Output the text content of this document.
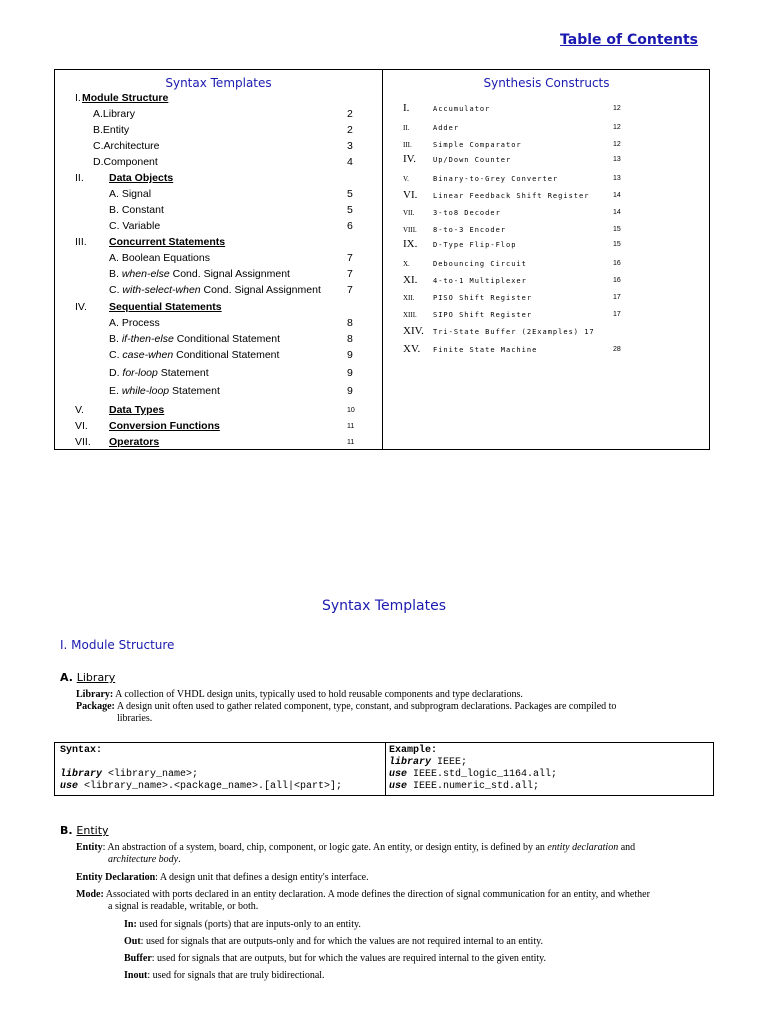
Table of Contents
Syntax Templates	Synthesis Constructs
I. Module Structure
A.Library	2
B.Entity	2
C.Architecture	3
D.Component	4
II. Data Objects
A. Signal	5
B. Constant	5
C. Variable	6
III. Concurrent Statements
A. Boolean Equations	7
B. when-else Cond. Signal Assignment	7
C. with-select-when Cond. Signal Assignment 7
IV. Sequential Statements
A. Process	8
B. if-then-else Conditional Statement	8
C. case-when Conditional Statement	9
D. for-loop Statement	9
E. while-loop Statement	9
V. Data Types	10
VI. Conversion Functions	11
VII. Operators	11
I.	Accumulator	12
II.	Adder	12
III.	Simple Comparator	12
IV. Up/Down Counter	13
V.	Binary-to-Grey Converter	13
VI. Linear Feedback Shift Register	14
VII.	3-to8 Decoder	14
VIII. 8-to-3 Encoder	15
IX. D-Type Flip-Flop	15
X.	Debouncing Circuit	16
XI. 4-to-1 Multiplexer	16
XII.	PISO Shift Register	17
XIII. SIPO Shift Register	17
XIV. Tri-State Buffer (2Examples) 17
XV. Finite State Machine	28
Syntax Templates
I. Module Structure
A. Library
Library: A collection of VHDL design units, typically used to hold reusable components and type declarations.
Package: A design unit often used to gather related component, type, constant, and subprogram declarations. Packages are compiled to
libraries.
Syntax:
library <library_name>;
use <library_name>.<package_name>.[all|<part>];
Example:
library IEEE;
use IEEE.std_logic_1164.all;
use IEEE.numeric_std.all;
B. Entity
Entity: An abstraction of a system, board, chip, component, or logic gate. An entity, or design entity, is defined by an entity declaration and
architecture body.
Entity Declaration: A design unit that defines a design entity's interface.
Mode: Associated with ports declared in an entity declaration. A mode defines the direction of signal communication for an entity, and whether
a signal is readable, writable, or both.
In: used for signals (ports) that are inputs-only to an entity.
Out: used for signals that are outputs-only and for which the values are not required internal to an entity.
Buffer: used for signals that are outputs, but for which the values are required internal to the given entity.
Inout: used for signals that are truly bidirectional.
